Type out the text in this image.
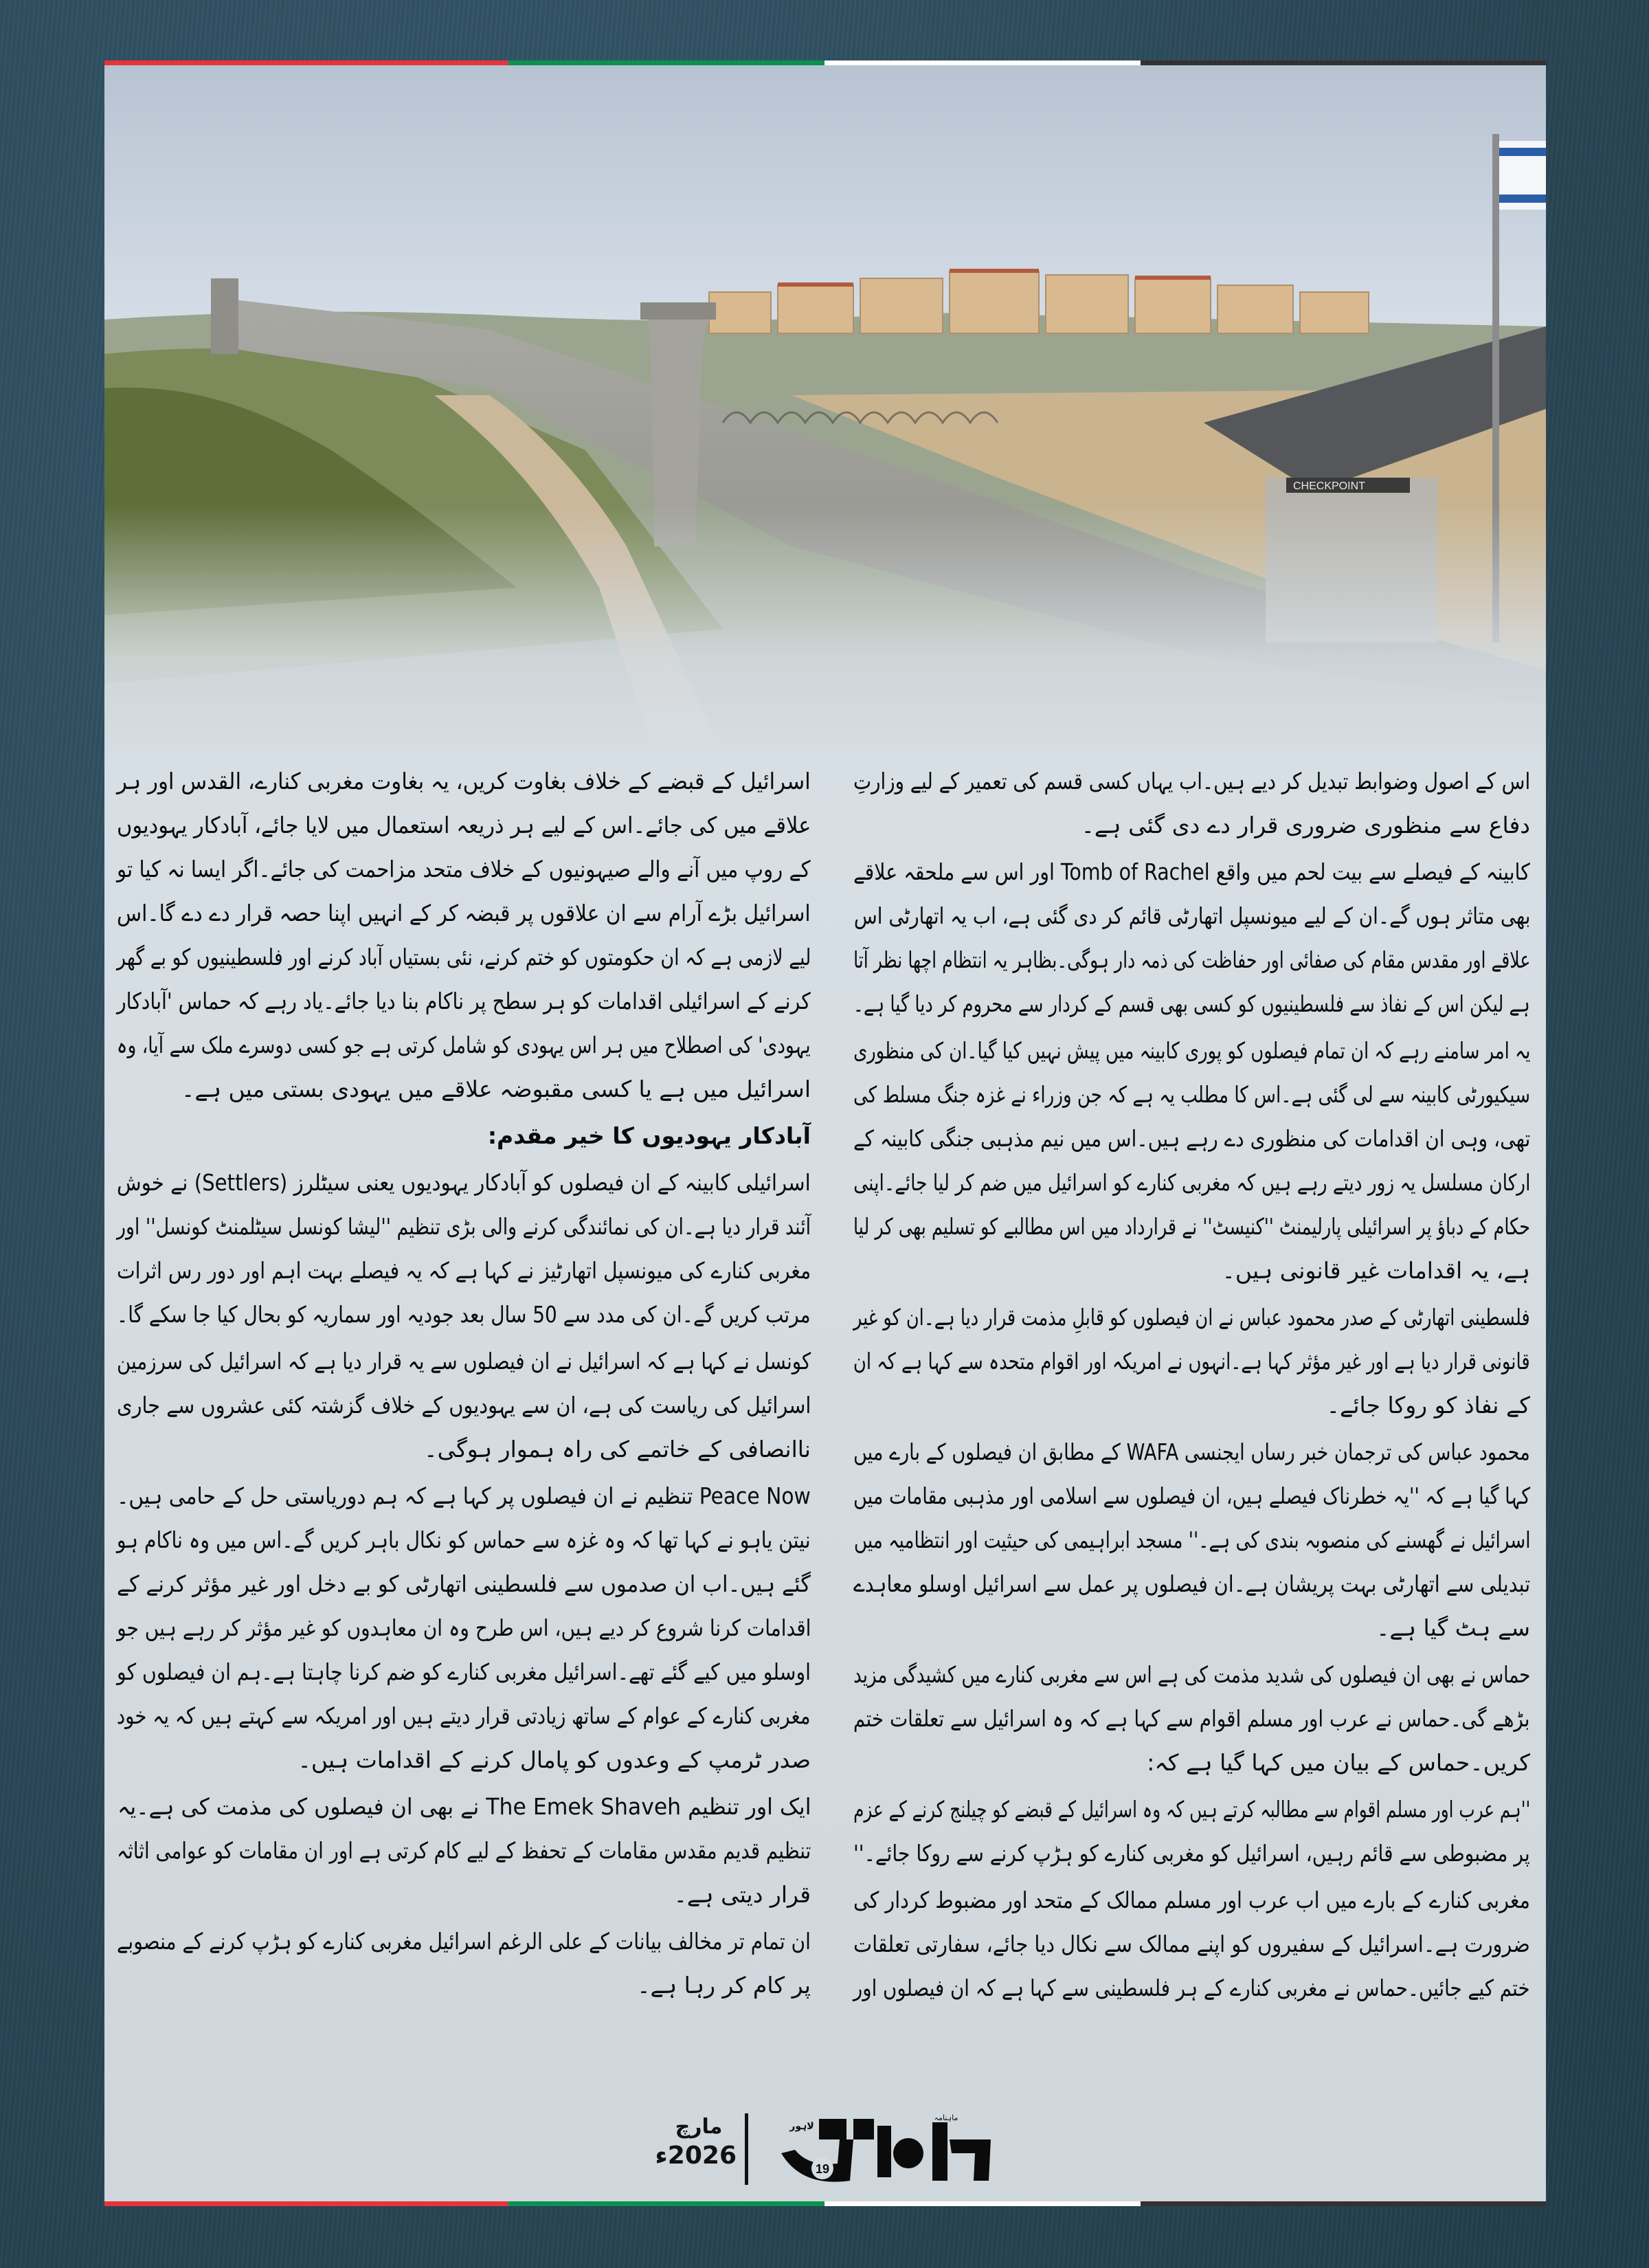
CHECKPOINT
اس کے اصول وضوابط تبدیل کر دیے ہیں۔اب یہاں کسی قسم کی تعمیر کے لیے وزارتِ
دفاع سے منظوری ضروری قرار دے دی گئی ہے۔
کابینہ کے فیصلے سے بیت لحم میں واقع Tomb of Rachel اور اس سے ملحقہ علاقے
بھی متاثر ہوں گے۔ان کے لیے میونسپل اتھارٹی قائم کر دی گئی ہے، اب یہ اتھارٹی اس
علاقے اور مقدس مقام کی صفائی اور حفاظت کی ذمہ دار ہوگی۔بظاہر یہ انتظام اچھا نظر آتا
ہے لیکن اس کے نفاذ سے فلسطینیوں کو کسی بھی قسم کے کردار سے محروم کر دیا گیا ہے۔
یہ امر سامنے رہے کہ ان تمام فیصلوں کو پوری کابینہ میں پیش نہیں کیا گیا۔ان کی منظوری
سیکیورٹی کابینہ سے لی گئی ہے۔اس کا مطلب یہ ہے کہ جن وزراء نے غزہ جنگ مسلط کی
تھی، وہی ان اقدامات کی منظوری دے رہے ہیں۔اس میں نیم مذہبی جنگی کابینہ کے
ارکان مسلسل یہ زور دیتے رہے ہیں کہ مغربی کنارے کو اسرائیل میں ضم کر لیا جائے۔اپنی
حکام کے دباؤ پر اسرائیلی پارلیمنٹ ''کنیسٹ'' نے قرارداد میں اس مطالبے کو تسلیم بھی کر لیا
ہے، یہ اقدامات غیر قانونی ہیں۔
فلسطینی اتھارٹی کے صدر محمود عباس نے ان فیصلوں کو قابلِ مذمت قرار دیا ہے۔ان کو غیر
قانونی قرار دیا ہے اور غیر مؤثر کہا ہے۔انہوں نے امریکہ اور اقوام متحدہ سے کہا ہے کہ ان
کے نفاذ کو روکا جائے۔
محمود عباس کی ترجمان خبر رساں ایجنسی WAFA کے مطابق ان فیصلوں کے بارے میں
کہا گیا ہے کہ ''یہ خطرناک فیصلے ہیں، ان فیصلوں سے اسلامی اور مذہبی مقامات میں
اسرائیل نے گھسنے کی منصوبہ بندی کی ہے۔'' مسجد ابراہیمی کی حیثیت اور انتظامیہ میں
تبدیلی سے اتھارٹی بہت پریشان ہے۔ان فیصلوں پر عمل سے اسرائیل اوسلو معاہدے
سے ہٹ گیا ہے۔
حماس نے بھی ان فیصلوں کی شدید مذمت کی ہے اس سے مغربی کنارے میں کشیدگی مزید
بڑھے گی۔حماس نے عرب اور مسلم اقوام سے کہا ہے کہ وہ اسرائیل سے تعلقات ختم
کریں۔حماس کے بیان میں کہا گیا ہے کہ:
''ہم عرب اور مسلم اقوام سے مطالبہ کرتے ہیں کہ وہ اسرائیل کے قبضے کو چیلنج کرنے کے عزم
پر مضبوطی سے قائم رہیں، اسرائیل کو مغربی کنارے کو ہڑپ کرنے سے روکا جائے۔''
مغربی کنارے کے بارے میں اب عرب اور مسلم ممالک کے متحد اور مضبوط کردار کی
ضرورت ہے۔اسرائیل کے سفیروں کو اپنے ممالک سے نکال دیا جائے، سفارتی تعلقات
ختم کیے جائیں۔حماس نے مغربی کنارے کے ہر فلسطینی سے کہا ہے کہ ان فیصلوں اور
اسرائیل کے قبضے کے خلاف بغاوت کریں، یہ بغاوت مغربی کنارے، القدس اور ہر
علاقے میں کی جائے۔اس کے لیے ہر ذریعہ استعمال میں لایا جائے، آبادکار یہودیوں
کے روپ میں آنے والے صیہونیوں کے خلاف متحد مزاحمت کی جائے۔اگر ایسا نہ کیا تو
اسرائیل بڑے آرام سے ان علاقوں پر قبضہ کر کے انہیں اپنا حصہ قرار دے دے گا۔اس
لیے لازمی ہے کہ ان حکومتوں کو ختم کرنے، نئی بستیاں آباد کرنے اور فلسطینیوں کو بے گھر
کرنے کے اسرائیلی اقدامات کو ہر سطح پر ناکام بنا دیا جائے۔یاد رہے کہ حماس 'آبادکار
یہودی' کی اصطلاح میں ہر اس یہودی کو شامل کرتی ہے جو کسی دوسرے ملک سے آیا، وہ
اسرائیل میں ہے یا کسی مقبوضہ علاقے میں یہودی بستی میں ہے۔
آبادکار یہودیوں کا خیر مقدم:
اسرائیلی کابینہ کے ان فیصلوں کو آبادکار یہودیوں یعنی سیٹلرز (Settlers) نے خوش
آئند قرار دیا ہے۔ان کی نمائندگی کرنے والی بڑی تنظیم ''لیشا کونسل سیٹلمنٹ کونسل'' اور
مغربی کنارے کی میونسپل اتھارٹیز نے کہا ہے کہ یہ فیصلے بہت اہم اور دور رس اثرات
مرتب کریں گے۔ان کی مدد سے 50 سال بعد جودیہ اور سماریہ کو بحال کیا جا سکے گا۔
کونسل نے کہا ہے کہ اسرائیل نے ان فیصلوں سے یہ قرار دیا ہے کہ اسرائیل کی سرزمین
اسرائیل کی ریاست کی ہے، ان سے یہودیوں کے خلاف گزشتہ کئی عشروں سے جاری
ناانصافی کے خاتمے کی راہ ہموار ہوگی۔
Peace Now تنظیم نے ان فیصلوں پر کہا ہے کہ ہم دوریاستی حل کے حامی ہیں۔
نیتن یاہو نے کہا تھا کہ وہ غزہ سے حماس کو نکال باہر کریں گے۔اس میں وہ ناکام ہو
گئے ہیں۔اب ان صدموں سے فلسطینی اتھارٹی کو بے دخل اور غیر مؤثر کرنے کے
اقدامات کرنا شروع کر دیے ہیں، اس طرح وہ ان معاہدوں کو غیر مؤثر کر رہے ہیں جو
اوسلو میں کیے گئے تھے۔اسرائیل مغربی کنارے کو ضم کرنا چاہتا ہے۔ہم ان فیصلوں کو
مغربی کنارے کے عوام کے ساتھ زیادتی قرار دیتے ہیں اور امریکہ سے کہتے ہیں کہ یہ خود
صدر ٹرمپ کے وعدوں کو پامال کرنے کے اقدامات ہیں۔
ایک اور تنظیم The Emek Shaveh نے بھی ان فیصلوں کی مذمت کی ہے۔یہ
تنظیم قدیم مقدس مقامات کے تحفظ کے لیے کام کرتی ہے اور ان مقامات کو عوامی اثاثہ
قرار دیتی ہے۔
ان تمام تر مخالف بیانات کے علی الرغم اسرائیل مغربی کنارے کو ہڑپ کرنے کے منصوبے
پر کام کر رہا ہے۔
مارچ
2026ء	19
لاہور
ماہنامہ
